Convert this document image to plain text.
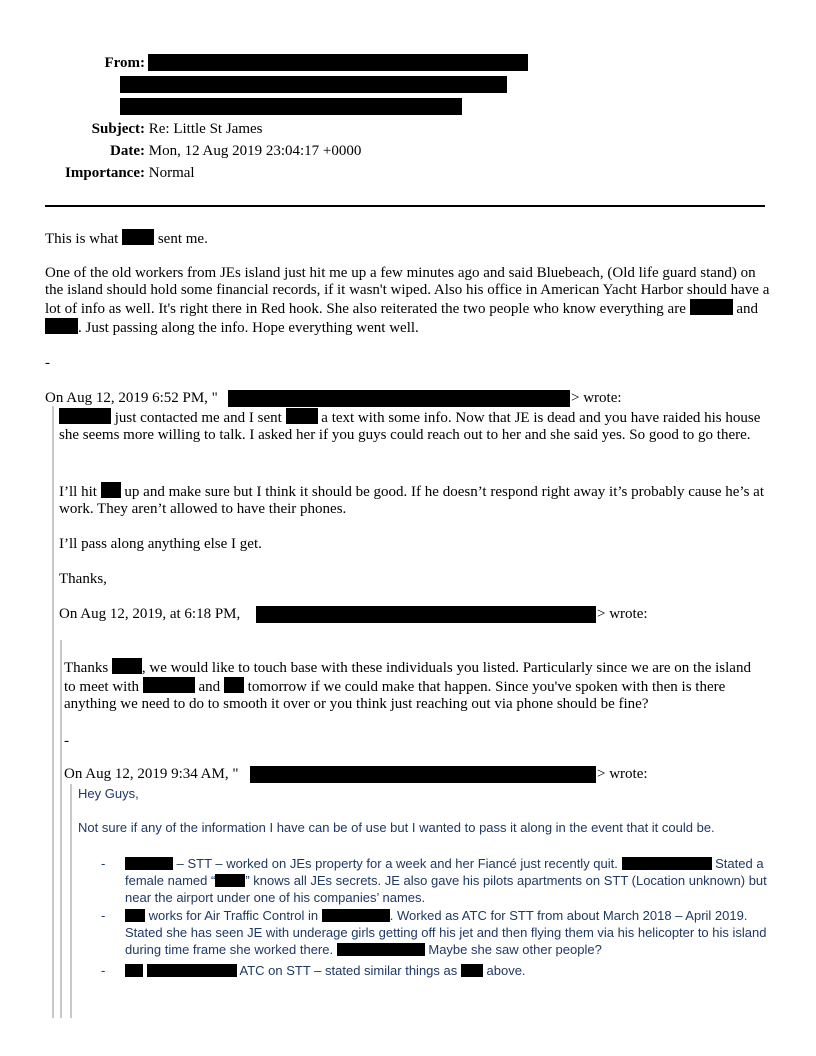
From:
Subject: Re: Little St James
Date: Mon, 12 Aug 2019 23:04:17 +0000
Importance: Normal
This is what	sent me.
One of the old workers from JEs island just hit me up a few minutes ago and said Bluebeach, (Old life guard stand) on the island should hold some financial records, if it wasn't wiped. Also his office in American Yacht Harbor should have a lot of info as well. It's right there in Red hook. She also reiterated the two people who know everything are	and . Just passing along the info. Hope everything went well.
-
On Aug 12, 2019 6:52 PM, "	> wrote:
just contacted me and I sent	a text with some info. Now that JE is dead and you have raided his house she seems more willing to talk. I asked her if you guys could reach out to her and she said yes. So good to go there.
I’ll hit up and make sure but I think it should be good. If he doesn’t respond right away it’s probably cause he’s at work. They aren’t allowed to have their phones.
I’ll pass along anything else I get.
Thanks,
On Aug 12, 2019, at 6:18 PM,	> wrote:
Thanks , we would like to touch base with these individuals you listed. Particularly since we are on the island to meet with	and tomorrow if we could make that happen. Since you've spoken with then is there anything we need to do to smooth it over or you think just reaching out via phone should be fine?
-
On Aug 12, 2019 9:34 AM, "	> wrote:
Hey Guys,
Not sure if any of the information I have can be of use but I wanted to pass it along in the event that it could be.
-	– STT – worked on JEs property for a week and her Fiancé just recently quit.	Stated a female named “ ” knows all JEs secrets. JE also gave his pilots apartments on STT (Location unknown) but near the airport under one of his companies’ names.
-	works for Air Traffic Control in	. Worked as ATC for STT from about March 2018 – April 2019. Stated she has seen JE with underage girls getting off his jet and then flying them via his helicopter to his island during time frame she worked there.	Maybe she saw other people?
-	ATC on STT – stated similar things as above.
